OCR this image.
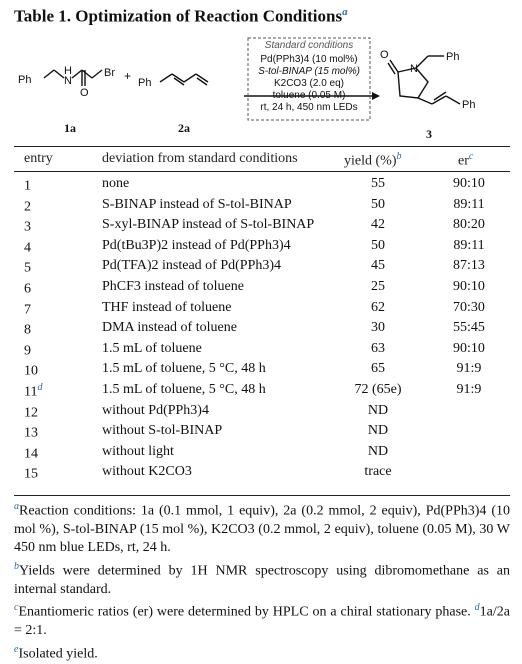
Table 1. Optimization of Reaction Conditions$^a$
Ph
H
N
O
Br
Ph
O
N
Ph
Ph
+
1a	2a	3
Standard conditions
Pd(PPh3)4 (10 mol%)
S-tol-BINAP (15 mol%)
K2CO3 (2.0 eq)
toluene (0.05 M)
rt, 24 h, 450 nm LEDs
entry	deviation from standard conditions	yield (%)$^b$	$er^c$
1	none	55	90:10
2	S-BINAP instead of S-tol-BINAP	50	89:11
3	S-xyl-BINAP instead of S-tol-BINAP	42	80:20
4	Pd(tBu3P)2 instead of Pd(PPh3)4	50	89:11
5	Pd(TFA)2 instead of Pd(PPh3)4	45	87:13
6	PhCF3 instead of toluene	25	90:10
7	THF instead of toluene	62	70:30
8	DMA instead of toluene	30	55:45
9	1.5 mL of toluene	63	90:10
10	1.5 mL of toluene, 5 °C, 48 h	65	91:9
11$^d$	1.5 mL of toluene, 5 °C, 48 h	72 (65e)	91:9
12	without Pd(PPh3)4	ND
13	without S-tol-BINAP	ND
14	without light	ND
15	without K2CO3	trace

$^a$Reaction conditions: 1a (0.1 mmol, 1 equiv), 2a (0.2 mmol, 2 equiv), Pd(PPh3)4 (10 mol %), S-tol-BINAP (15 mol %), K2CO3 (0.2 mmol, 2 equiv), toluene (0.05 M), 30 W 450 nm blue LEDs, rt, 24 h.

$^b$Yields were determined by 1H NMR spectroscopy using dibromomethane as an internal standard.

$^c$Enantiomeric ratios (er) were determined by HPLC on a chiral stationary phase. $^d$1a/2a = 2:1.

$^e$Isolated yield.
